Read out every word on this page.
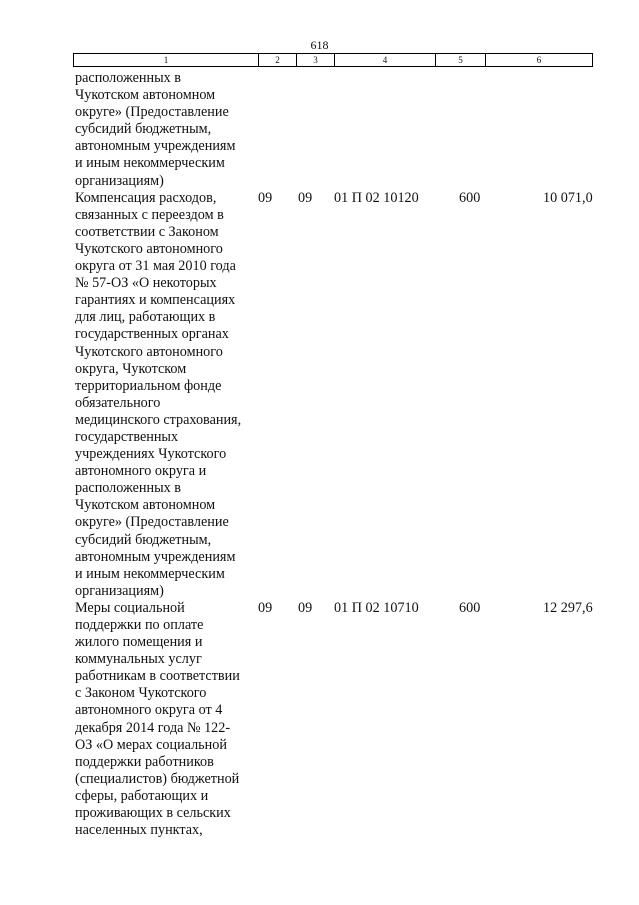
618
1	2	3	4	5	6
расположенных в
Чукотском автономном
округе» (Предоставление
субсидий бюджетным,
автономным учреждениям
и иным некоммерческим
организациям)
Компенсация расходов,
связанных с переездом в
соответствии с Законом
Чукотского автономного
округа от 31 мая 2010 года
№ 57-ОЗ «О некоторых
гарантиях и компенсациях
для лиц, работающих в
государственных органах
Чукотского автономного
округа, Чукотском
территориальном фонде
обязательного
медицинского страхования,
государственных
учреждениях Чукотского
автономного округа и
расположенных в
Чукотском автономном
округе» (Предоставление
субсидий бюджетным,
автономным учреждениям
и иным некоммерческим
организациям)
09	09	01 П 02 10120	600	10 071,0
Меры социальной
поддержки по оплате
жилого помещения и
коммунальных услуг
работникам в соответствии
с Законом Чукотского
автономного округа от 4
декабря 2014 года № 122-
ОЗ «О мерах социальной
поддержки работников
(специалистов) бюджетной
сферы, работающих и
проживающих в сельских
населенных пунктах,
09	09	01 П 02 10710	600	12 297,6
